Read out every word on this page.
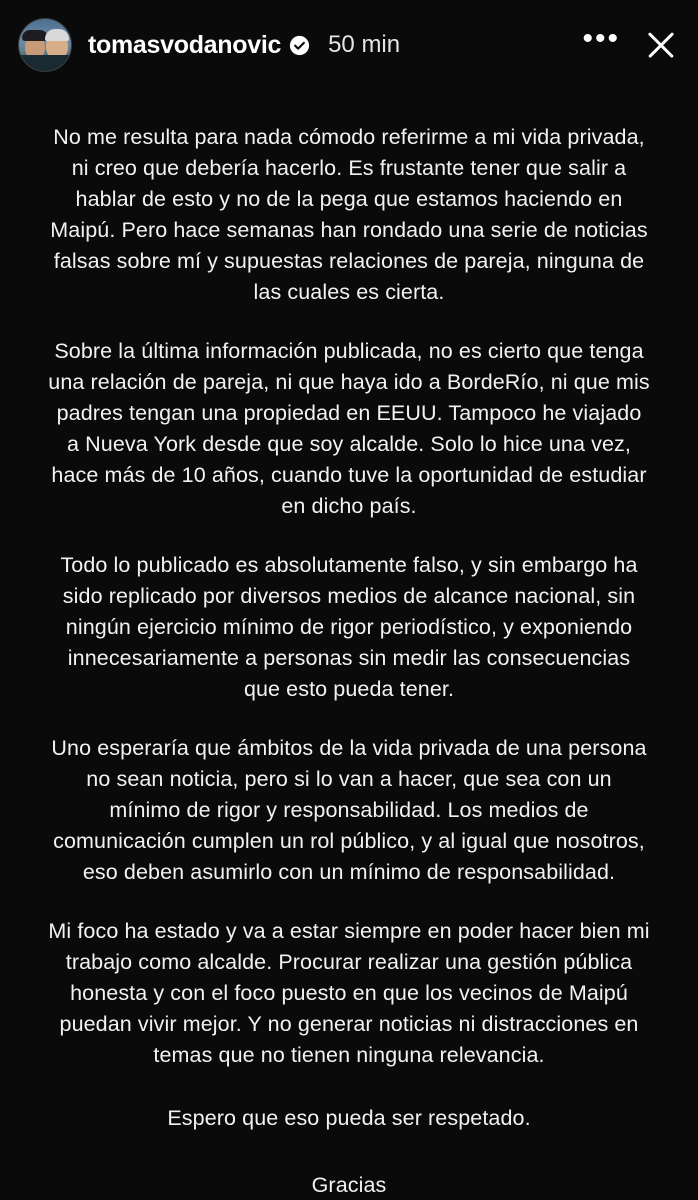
tomasvodanovic 50 min	•••

No me resulta para nada cómodo referirme a mi vida privada, ni creo que debería hacerlo. Es frustante tener que salir a hablar de esto y no de la pega que estamos haciendo en Maipú. Pero hace semanas han rondado una serie de noticias falsas sobre mí y supuestas relaciones de pareja, ninguna de las cuales es cierta.

Sobre la última información publicada, no es cierto que tenga una relación de pareja, ni que haya ido a BordeRío, ni que mis padres tengan una propiedad en EEUU. Tampoco he viajado a Nueva York desde que soy alcalde. Solo lo hice una vez, hace más de 10 años, cuando tuve la oportunidad de estudiar en dicho país.

Todo lo publicado es absolutamente falso, y sin embargo ha sido replicado por diversos medios de alcance nacional, sin ningún ejercicio mínimo de rigor periodístico, y exponiendo innecesariamente a personas sin medir las consecuencias que esto pueda tener.

Uno esperaría que ámbitos de la vida privada de una persona no sean noticia, pero si lo van a hacer, que sea con un mínimo de rigor y responsabilidad. Los medios de comunicación cumplen un rol público, y al igual que nosotros, eso deben asumirlo con un mínimo de responsabilidad.

Mi foco ha estado y va a estar siempre en poder hacer bien mi trabajo como alcalde. Procurar realizar una gestión pública honesta y con el foco puesto en que los vecinos de Maipú puedan vivir mejor. Y no generar noticias ni distracciones en temas que no tienen ninguna relevancia.

Espero que eso pueda ser respetado.

Gracias
